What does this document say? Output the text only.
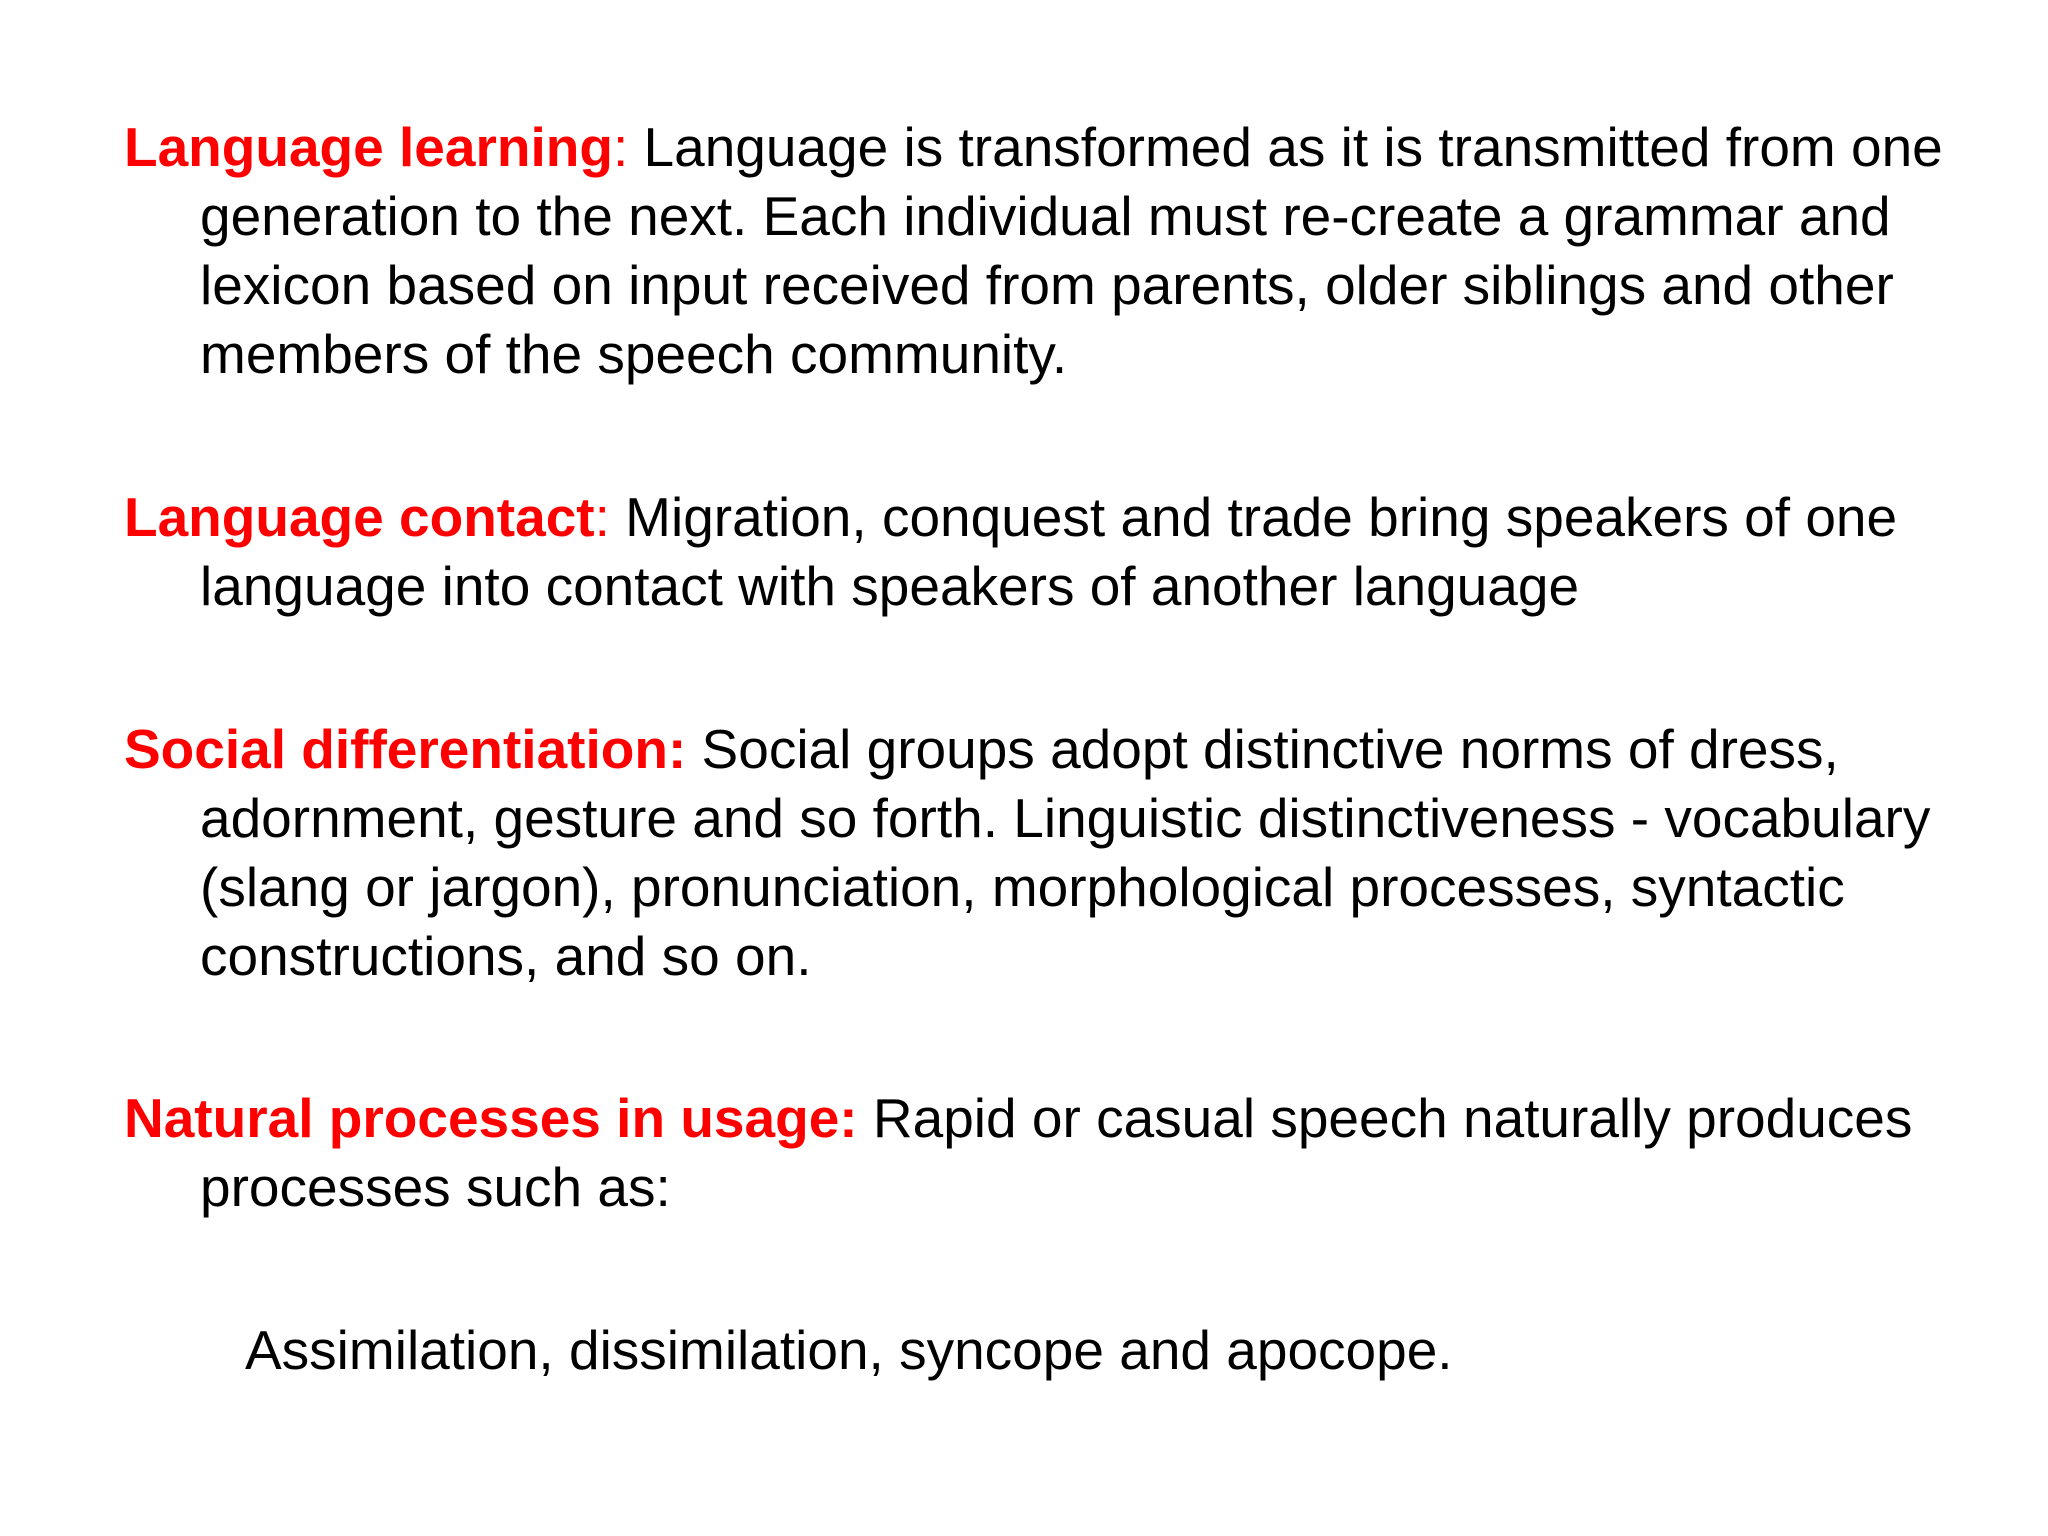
Language learning: Language is transformed as it is transmitted from one generation to the next. Each individual must re-create a grammar and lexicon based on input received from parents, older siblings and other members of the speech community.

Language contact: Migration, conquest and trade bring speakers of one language into contact with speakers of another language

Social differentiation: Social groups adopt distinctive norms of dress, adornment, gesture and so forth. Linguistic distinctiveness - vocabulary (slang or jargon), pronunciation, morphological processes, syntactic constructions, and so on.

Natural processes in usage: Rapid or casual speech naturally produces processes such as:

Assimilation, dissimilation, syncope and apocope.
